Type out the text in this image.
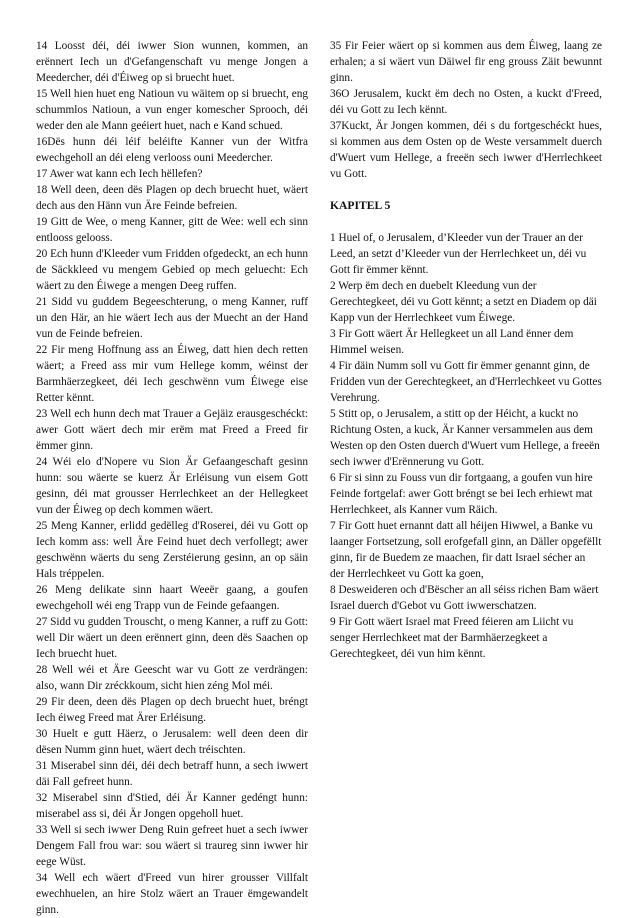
14 Loosst déi, déi iwwer Sion wunnen, kommen, an erënnert Iech un d'Gefangenschaft vu menge Jongen a Meedercher, déi d'Éiweg op si bruecht huet.

15 Well hien huet eng Natioun vu wäitem op si bruecht, eng schummlos Natioun, a vun enger komescher Sprooch, déi weder den ale Mann geéiert huet, nach e Kand schued.

16Dës hunn déi léif beléifte Kanner vun der Witfra ewechgeholl an déi eleng verlooss ouni Meedercher.

17 Awer wat kann ech Iech hëllefen?

18 Well deen, deen dës Plagen op dech bruecht huet, wäert dech aus den Hänn vun Äre Feinde befreien.

19 Gitt de Wee, o meng Kanner, gitt de Wee: well ech sinn entlooss gelooss.

20 Ech hunn d'Kleeder vum Fridden ofgedeckt, an ech hunn de Säckkleed vu mengem Gebied op mech geluecht: Ech wäert zu den Éiwege a mengen Deeg ruffen.

21 Sidd vu guddem Begeeschterung, o meng Kanner, ruff un den Här, an hie wäert Iech aus der Muecht an der Hand vun de Feinde befreien.

22 Fir meng Hoffnung ass an Éiweg, datt hien dech retten wäert; a Freed ass mir vum Hellege komm, wéinst der Barmhäerzegkeet, déi Iech geschwënn vum Éiwege eise Retter kënnt.

23 Well ech hunn dech mat Trauer a Gejäiz erausgeschéckt: awer Gott wäert dech mir erëm mat Freed a Freed fir ëmmer ginn.

24 Wéi elo d'Nopere vu Sion Är Gefaangeschaft gesinn hunn: sou wäerte se kuerz Är Erléisung vun eisem Gott gesinn, déi mat grousser Herrlechkeet an der Hellegkeet vun der Éiweg op dech kommen wäert.

25 Meng Kanner, erlidd gedëlleg d'Roserei, déi vu Gott op Iech komm ass: well Äre Feind huet dech verfollegt; awer geschwënn wäerts du seng Zerstéierung gesinn, an op säin Hals tréppelen.

26 Meng delikate sinn haart Weeër gaang, a goufen ewechgeholl wéi eng Trapp vun de Feinde gefaangen.

27 Sidd vu gudden Trouscht, o meng Kanner, a ruff zu Gott: well Dir wäert un deen erënnert ginn, deen dës Saachen op Iech bruecht huet.

28 Well wéi et Äre Geescht war vu Gott ze verdrängen: also, wann Dir zréckkoum, sicht hien zéng Mol méi.

29 Fir deen, deen dës Plagen op dech bruecht huet, bréngt Iech éiweg Freed mat Ärer Erléisung.

30 Huelt e gutt Häerz, o Jerusalem: well deen deen dir dësen Numm ginn huet, wäert dech tréischten.

31 Miserabel sinn déi, déi dech betraff hunn, a sech iwwert däi Fall gefreet hunn.

32 Miserabel sinn d'Stied, déi Är Kanner gedéngt hunn: miserabel ass si, déi Är Jongen opgeholl huet.

33 Well si sech iwwer Deng Ruin gefreet huet a sech iwwer Dengem Fall frou war: sou wäert si traureg sinn iwwer hir eege Wüst.

34 Well ech wäert d'Freed vun hirer grousser Villfalt ewechhuelen, an hire Stolz wäert an Trauer ëmgewandelt ginn.

35 Fir Feier wäert op si kommen aus dem Éiweg, laang ze erhalen; a si wäert vun Däiwel fir eng grouss Zäit bewunnt ginn.

36O Jerusalem, kuckt ëm dech no Osten, a kuckt d'Freed, déi vu Gott zu Iech kënnt.

37Kuckt, Är Jongen kommen, déi s du fortgeschéckt hues, si kommen aus dem Osten op de Weste versammelt duerch d'Wuert vum Hellege, a freeën sech iwwer d'Herrlechkeet vu Gott.

KAPITEL 5

1 Huel of, o Jerusalem, d’Kleeder vun der Trauer an der Leed, an setzt d’Kleeder vun der Herrlechkeet un, déi vu Gott fir ëmmer kënnt.

2 Werp ëm dech en duebelt Kleedung vun der Gerechtegkeet, déi vu Gott kënnt; a setzt en Diadem op däi Kapp vun der Herrlechkeet vum Éiwege.

3 Fir Gott wäert Är Hellegkeet un all Land ënner dem Himmel weisen.

4 Fir däin Numm soll vu Gott fir ëmmer genannt ginn, de Fridden vun der Gerechtegkeet, an d'Herrlechkeet vu Gottes Verehrung.

5 Stitt op, o Jerusalem, a stitt op der Héicht, a kuckt no Richtung Osten, a kuck, Är Kanner versammelen aus dem Westen op den Osten duerch d'Wuert vum Hellege, a freeën sech iwwer d'Erënnerung vu Gott.

6 Fir si sinn zu Fouss vun dir fortgaang, a goufen vun hire Feinde fortgelaf: awer Gott bréngt se bei Iech erhiewt mat Herrlechkeet, als Kanner vum Räich.

7 Fir Gott huet ernannt datt all héijen Hiwwel, a Banke vu laanger Fortsetzung, soll erofgefall ginn, an Däller opgefëllt ginn, fir de Buedem ze maachen, fir datt Israel sécher an der Herrlechkeet vu Gott ka goen,

8 Desweideren och d'Bëscher an all séiss richen Bam wäert Israel duerch d'Gebot vu Gott iwwerschatzen.

9 Fir Gott wäert Israel mat Freed féieren am Liicht vu senger Herrlechkeet mat der Barmhäerzegkeet a Gerechtegkeet, déi vun him kënnt.
